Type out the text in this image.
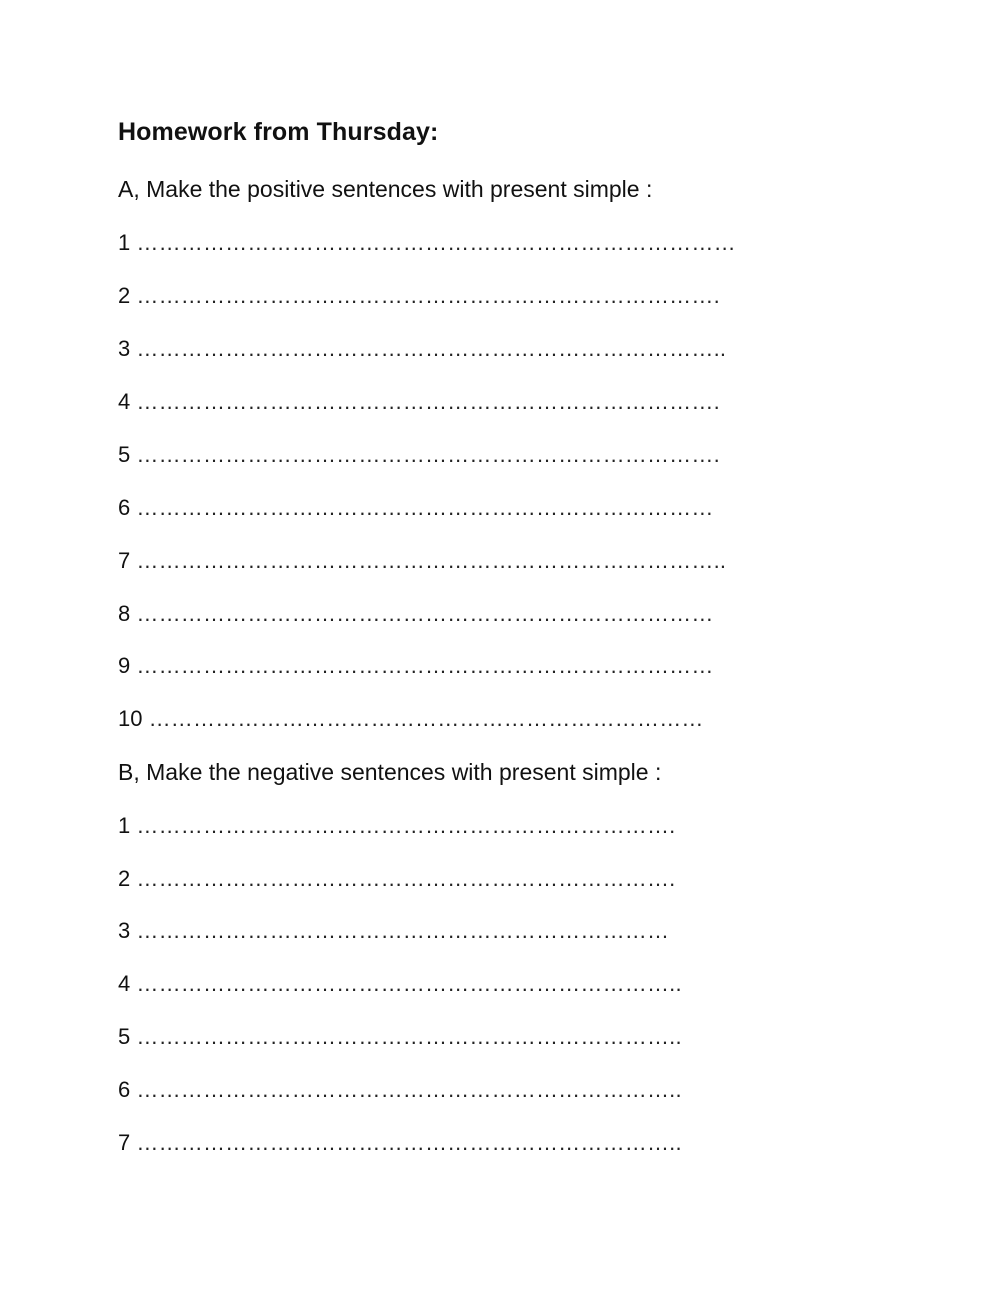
Homework from Thursday:
A, Make the positive sentences with present simple :
1 ………………………………………………………………………
2 …………………………………………………………………….
3 ……………………………………………………………………..
4 …………………………………………………………………….
5 …………………………………………………………………….
6 ……………………………………………………………………
7 ……………………………………………………………………..
8 ……………………………………………………………………
9 ……………………………………………………………………
10 …………………………………………………………………
B, Make the negative sentences with present simple :
1 ……………………………………………………………….
2 ……………………………………………………………….
3 ………………………………………………………………
4 ………………………………………………………………..
5 ………………………………………………………………..
6 ………………………………………………………………..
7 ………………………………………………………………..
